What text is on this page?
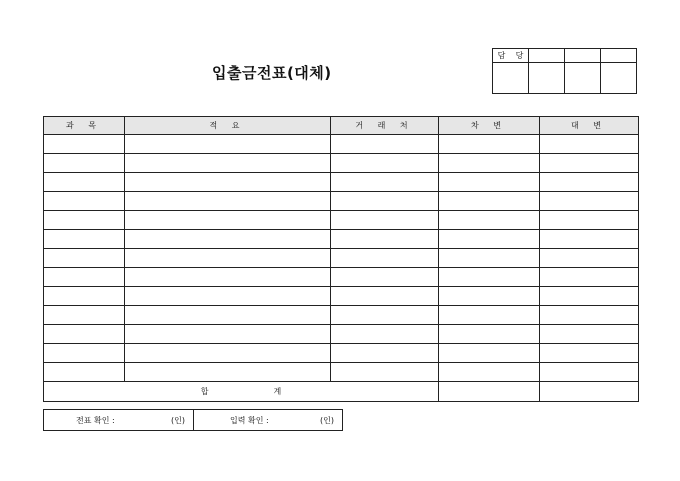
입출금전표(대체)
담 당			

과 목	적 요	거 래 처	차 변	대 변

합 계				
전표 확인 :	(인)	입력 확인 :	(인)
